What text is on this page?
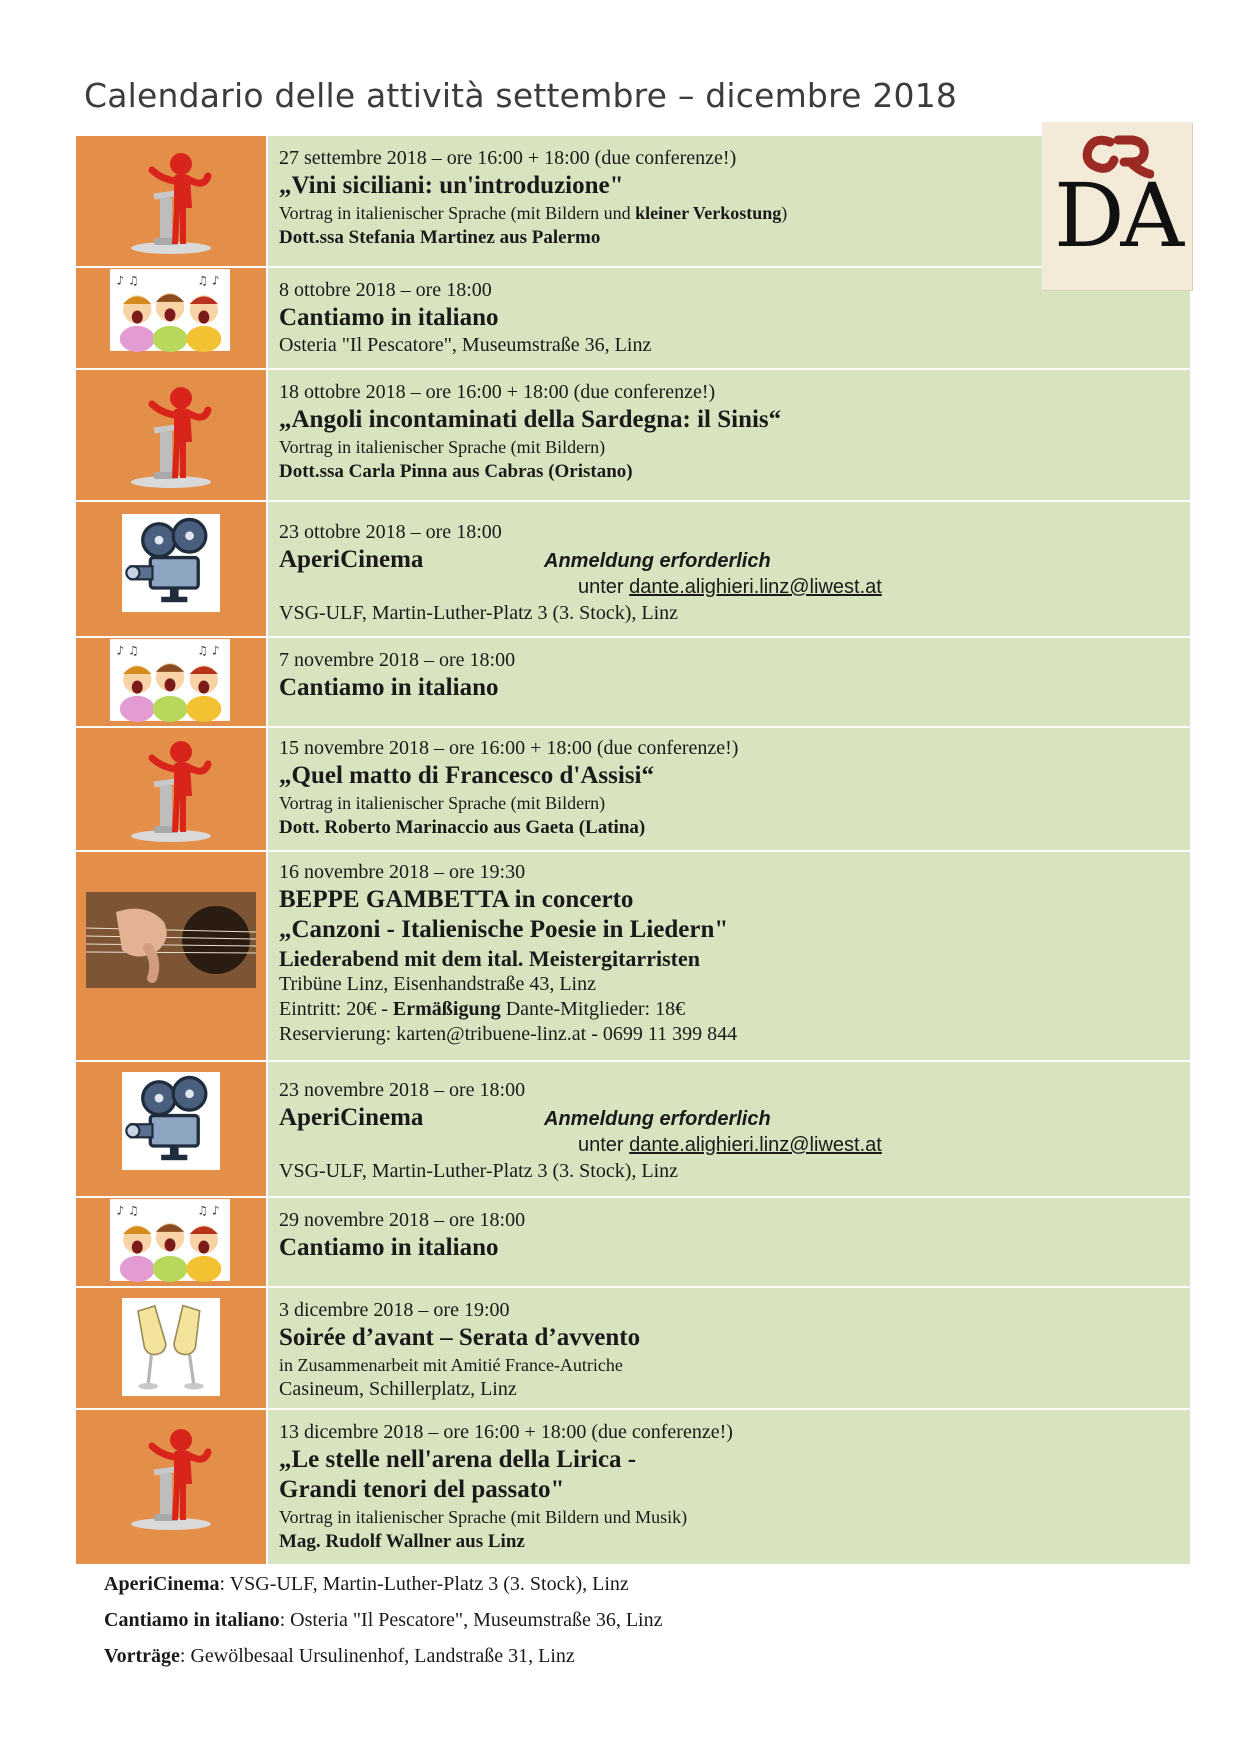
Calendario delle attività settembre – dicembre 2018
27 settembre 2018 – ore 16:00 + 18:00 (due conferenze!)
„Vini siciliani: un'introduzione"
Vortrag in italienischer Sprache (mit Bildern und kleiner Verkostung)
Dott.ssa Stefania Martinez aus Palermo
8 ottobre 2018 – ore 18:00
Cantiamo in italiano
Osteria "Il Pescatore", Museumstraße 36, Linz
18 ottobre 2018 – ore 16:00 + 18:00 (due conferenze!)
„Angoli incontaminati della Sardegna: il Sinis“
Vortrag in italienischer Sprache (mit Bildern)
Dott.ssa Carla Pinna aus Cabras (Oristano)
23 ottobre 2018 – ore 18:00
AperiCinema
VSG-ULF, Martin-Luther-Platz 3 (3. Stock), Linz
Anmeldung erforderlich
unter dante.alighieri.linz@liwest.at
7 novembre 2018 – ore 18:00
Cantiamo in italiano
15 novembre 2018 – ore 16:00 + 18:00 (due conferenze!)
„Quel matto di Francesco d'Assisi“
Vortrag in italienischer Sprache (mit Bildern)
Dott. Roberto Marinaccio aus Gaeta (Latina)
16 novembre 2018 – ore 19:30
BEPPE GAMBETTA in concerto
„Canzoni - Italienische Poesie in Liedern"
Liederabend mit dem ital. Meistergitarristen
Tribüne Linz, Eisenhandstraße 43, Linz
Eintritt: 20€ - Ermäßigung Dante-Mitglieder: 18€
Reservierung: karten@tribuene-linz.at - 0699 11 399 844
23 novembre 2018 – ore 18:00
AperiCinema
VSG-ULF, Martin-Luther-Platz 3 (3. Stock), Linz
Anmeldung erforderlich
unter dante.alighieri.linz@liwest.at
29 novembre 2018 – ore 18:00
Cantiamo in italiano
3 dicembre 2018 – ore 19:00
Soirée d’avant – Serata d’avvento
in Zusammenarbeit mit Amitié France-Autriche
Casineum, Schillerplatz, Linz
13 dicembre 2018 – ore 16:00 + 18:00 (due conferenze!)
„Le stelle nell'arena della Lirica -
Grandi tenori del passato"
Vortrag in italienischer Sprache (mit Bildern und Musik)
Mag. Rudolf Wallner aus Linz
DA
AperiCinema: VSG-ULF, Martin-Luther-Platz 3 (3. Stock), Linz
Cantiamo in italiano: Osteria "Il Pescatore", Museumstraße 36, Linz
Vorträge: Gewölbesaal Ursulinenhof, Landstraße 31, Linz
